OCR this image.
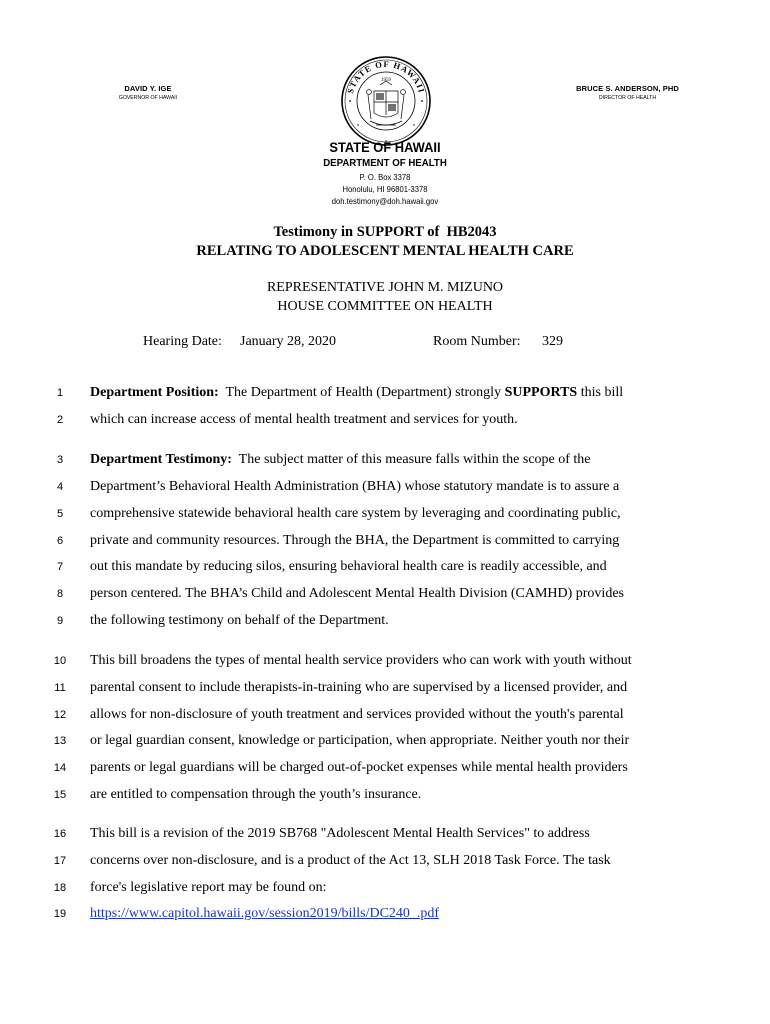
DAVID Y. IGE
GOVERNOR OF HAWAII
STATE OF HAWAII
1959
BRUCE S. ANDERSON, PHD
DIRECTOR OF HEALTH
STATE OF HAWAII
DEPARTMENT OF HEALTH
P. O. Box 3378
Honolulu, HI 96801-3378
doh.testimony@doh.hawaii.gov
Testimony in SUPPORT of  HB2043
RELATING TO ADOLESCENT MENTAL HEALTH CARE
REPRESENTATIVE JOHN M. MIZUNO
HOUSE COMMITTEE ON HEALTH
Hearing Date: January 28, 2020	Room Number: 329
1	Department Position:  The Department of Health (Department) strongly SUPPORTS this bill
2	which can increase access of mental health treatment and services for youth.
3	Department Testimony:  The subject matter of this measure falls within the scope of the
4	Department’s Behavioral Health Administration (BHA) whose statutory mandate is to assure a
5	comprehensive statewide behavioral health care system by leveraging and coordinating public,
6	private and community resources. Through the BHA, the Department is committed to carrying
7	out this mandate by reducing silos, ensuring behavioral health care is readily accessible, and
8	person centered. The BHA’s Child and Adolescent Mental Health Division (CAMHD) provides
9	the following testimony on behalf of the Department.
10 This bill broadens the types of mental health service providers who can work with youth without
11 parental consent to include therapists-in-training who are supervised by a licensed provider, and
12 allows for non-disclosure of youth treatment and services provided without the youth's parental
13 or legal guardian consent, knowledge or participation, when appropriate. Neither youth nor their
14 parents or legal guardians will be charged out-of-pocket expenses while mental health providers
15 are entitled to compensation through the youth’s insurance.
16 This bill is a revision of the 2019 SB768 "Adolescent Mental Health Services" to address
17 concerns over non-disclosure, and is a product of the Act 13, SLH 2018 Task Force. The task
18 force's legislative report may be found on:
19 https://www.capitol.hawaii.gov/session2019/bills/DC240_.pdf
